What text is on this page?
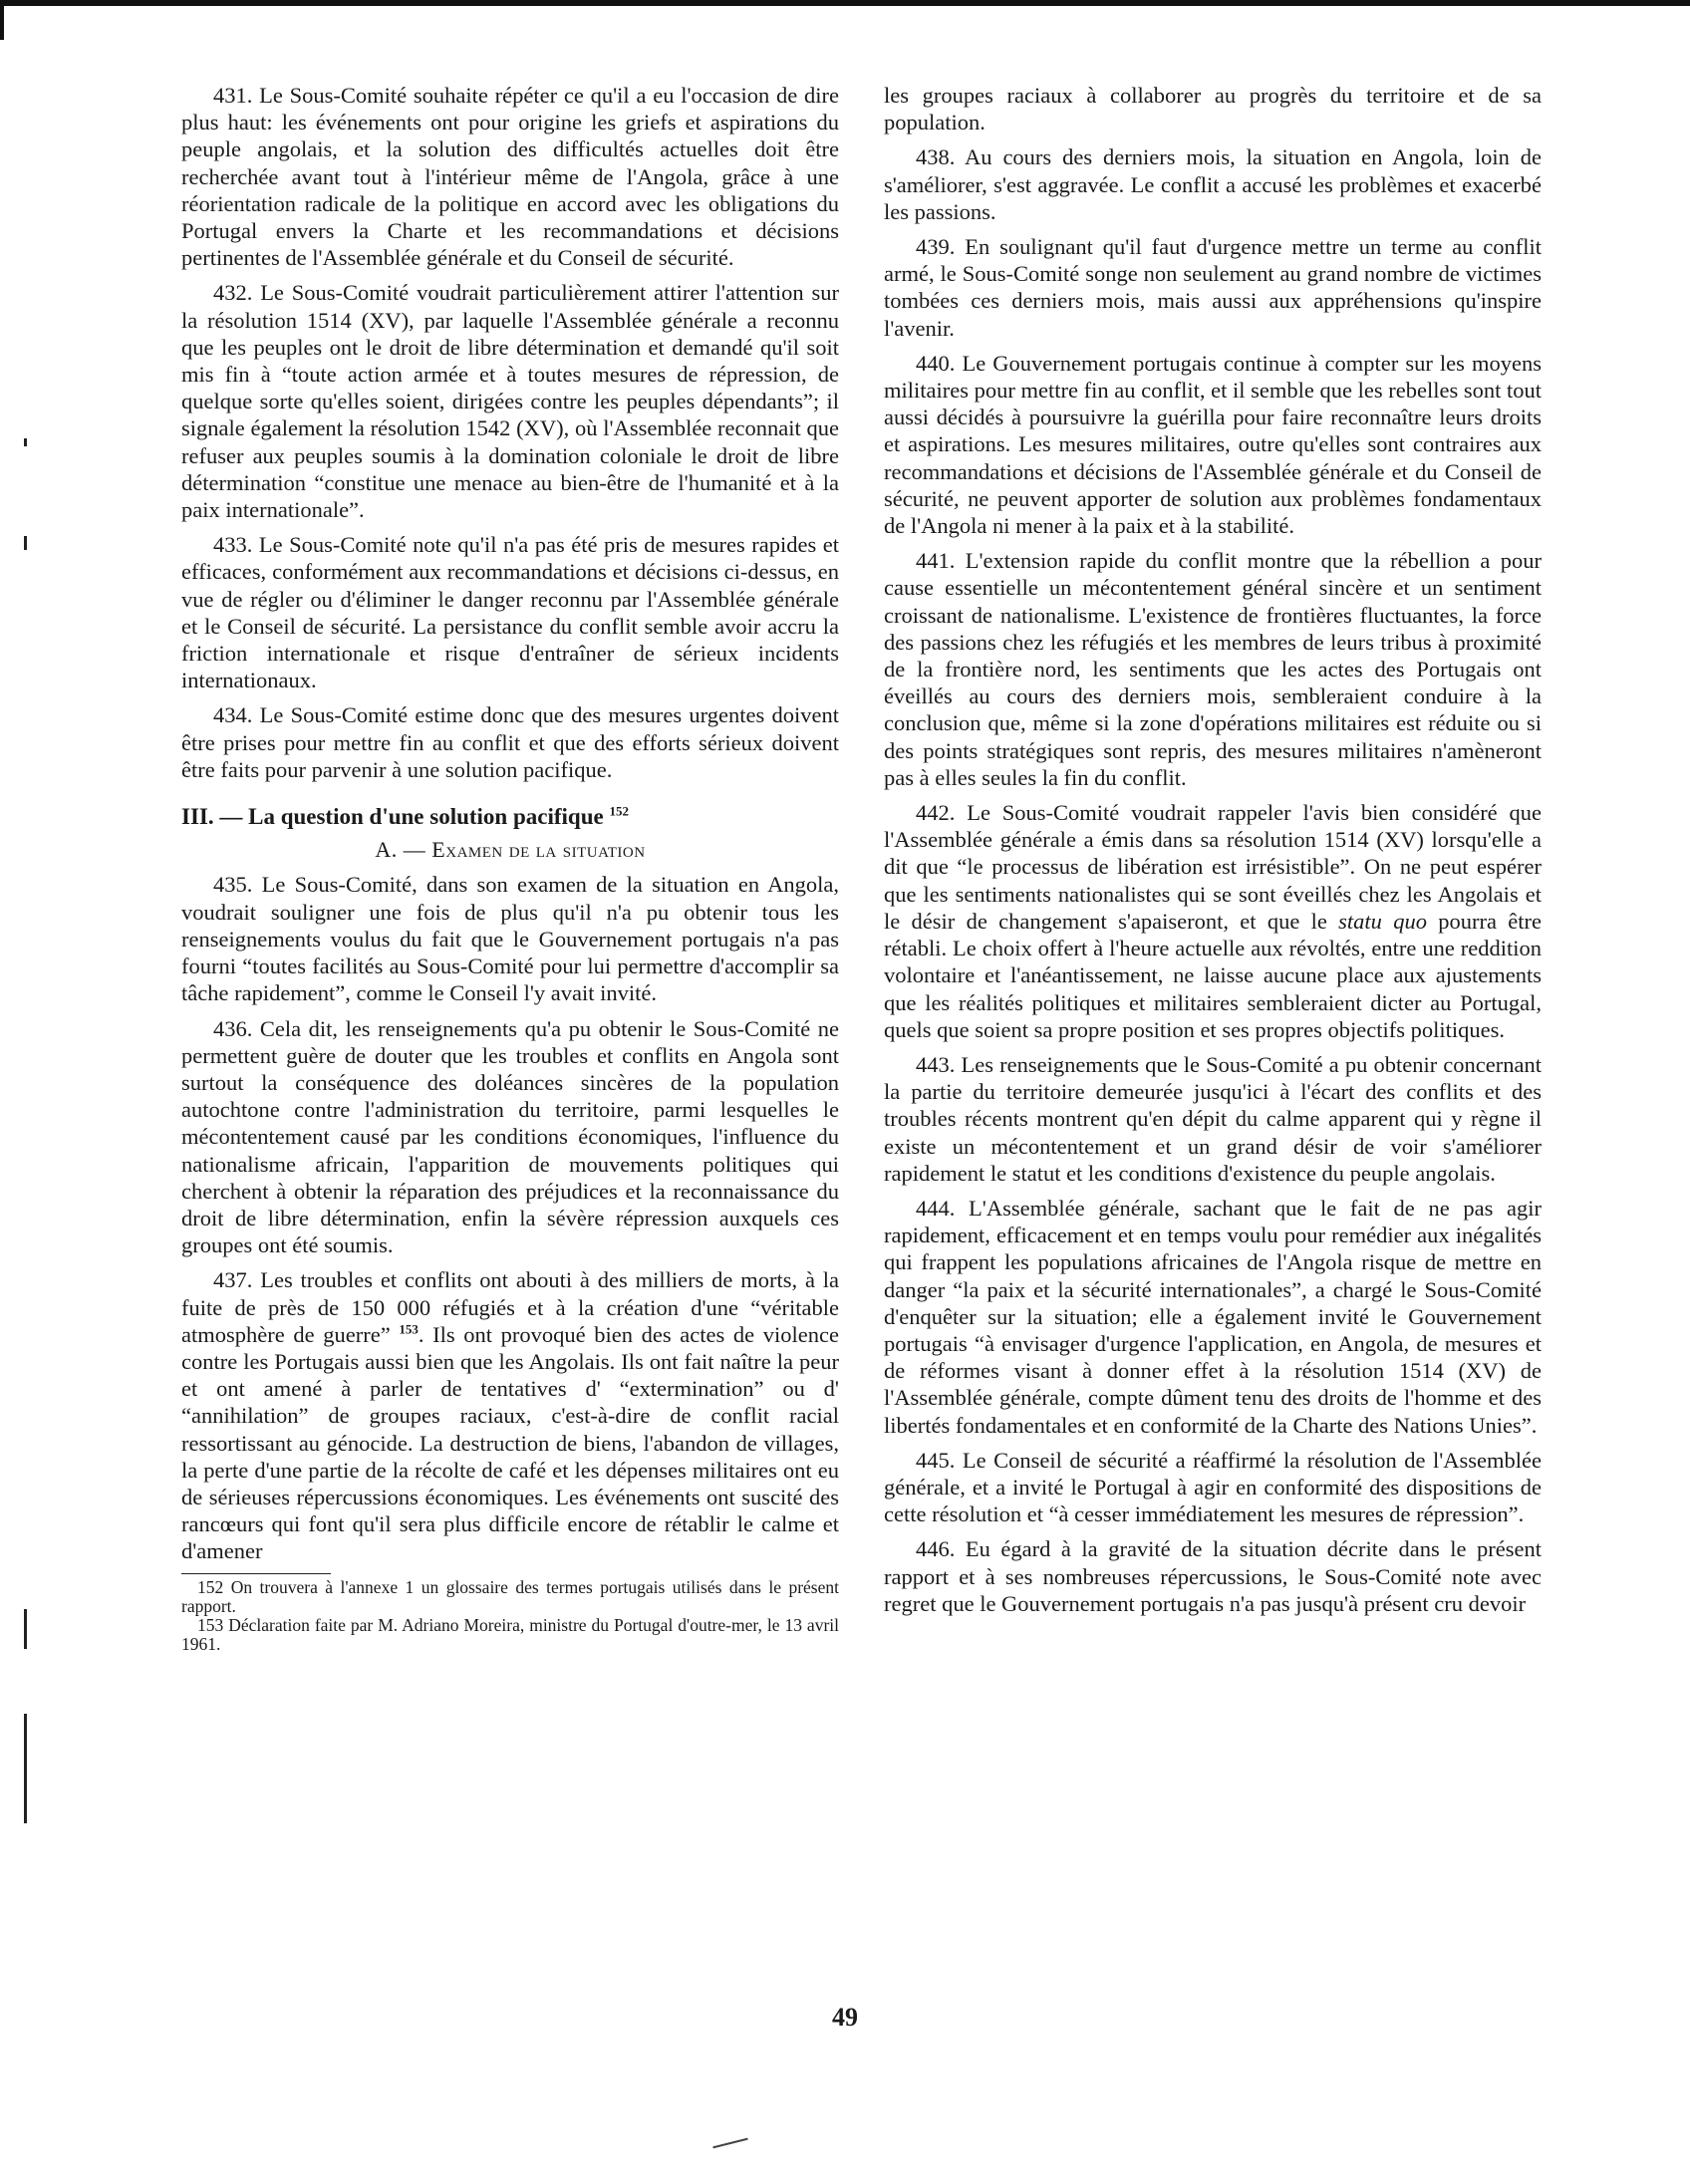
431. Le Sous-Comité souhaite répéter ce qu'il a eu l'occasion de dire plus haut: les événements ont pour origine les griefs et aspirations du peuple angolais, et la solution des difficultés actuelles doit être recherchée avant tout à l'intérieur même de l'Angola, grâce à une réorientation radicale de la politique en accord avec les obligations du Portugal envers la Charte et les recommandations et décisions pertinentes de l'Assemblée générale et du Conseil de sécurité.

432. Le Sous-Comité voudrait particulièrement attirer l'attention sur la résolution 1514 (XV), par laquelle l'Assemblée générale a reconnu que les peuples ont le droit de libre détermination et demandé qu'il soit mis fin à “toute action armée et à toutes mesures de répression, de quelque sorte qu'elles soient, dirigées contre les peuples dépendants”; il signale également la résolution 1542 (XV), où l'Assemblée reconnait que refuser aux peuples soumis à la domination coloniale le droit de libre détermination “constitue une menace au bien-être de l'humanité et à la paix internationale”.

433. Le Sous-Comité note qu'il n'a pas été pris de mesures rapides et efficaces, conformément aux recommandations et décisions ci-dessus, en vue de régler ou d'éliminer le danger reconnu par l'Assemblée générale et le Conseil de sécurité. La persistance du conflit semble avoir accru la friction internationale et risque d'entraîner de sérieux incidents internationaux.

434. Le Sous-Comité estime donc que des mesures urgentes doivent être prises pour mettre fin au conflit et que des efforts sérieux doivent être faits pour parvenir à une solution pacifique.

III. — La question d'une solution pacifique $^{152}$
A. — Examen de la situation

435. Le Sous-Comité, dans son examen de la situation en Angola, voudrait souligner une fois de plus qu'il n'a pu obtenir tous les renseignements voulus du fait que le Gouvernement portugais n'a pas fourni “toutes facilités au Sous-Comité pour lui permettre d'accomplir sa tâche rapidement”, comme le Conseil l'y avait invité.

436. Cela dit, les renseignements qu'a pu obtenir le Sous-Comité ne permettent guère de douter que les troubles et conflits en Angola sont surtout la conséquence des doléances sincères de la population autochtone contre l'administration du territoire, parmi lesquelles le mécontentement causé par les conditions économiques, l'influence du nationalisme africain, l'apparition de mouvements politiques qui cherchent à obtenir la réparation des préjudices et la reconnaissance du droit de libre détermination, enfin la sévère répression auxquels ces groupes ont été soumis.

437. Les troubles et conflits ont abouti à des milliers de morts, à la fuite de près de 150 000 réfugiés et à la création d'une “véritable atmosphère de guerre” $^{153}$. Ils ont provoqué bien des actes de violence contre les Portugais aussi bien que les Angolais. Ils ont fait naître la peur et ont amené à parler de tentatives d' “extermination” ou d' “annihilation” de groupes raciaux, c'est-à-dire de conflit racial ressortissant au génocide. La destruction de biens, l'abandon de villages, la perte d'une partie de la récolte de café et les dépenses militaires ont eu de sérieuses répercussions économiques. Les événements ont suscité des rancœurs qui font qu'il sera plus difficile encore de rétablir le calme et d'amener

152 On trouvera à l'annexe 1 un glossaire des termes portugais utilisés dans le présent rapport.

153 Déclaration faite par M. Adriano Moreira, ministre du Portugal d'outre-mer, le 13 avril 1961.

les groupes raciaux à collaborer au progrès du territoire et de sa population.

438. Au cours des derniers mois, la situation en Angola, loin de s'améliorer, s'est aggravée. Le conflit a accusé les problèmes et exacerbé les passions.

439. En soulignant qu'il faut d'urgence mettre un terme au conflit armé, le Sous-Comité songe non seulement au grand nombre de victimes tombées ces derniers mois, mais aussi aux appréhensions qu'inspire l'avenir.

440. Le Gouvernement portugais continue à compter sur les moyens militaires pour mettre fin au conflit, et il semble que les rebelles sont tout aussi décidés à poursuivre la guérilla pour faire reconnaître leurs droits et aspirations. Les mesures militaires, outre qu'elles sont contraires aux recommandations et décisions de l'Assemblée générale et du Conseil de sécurité, ne peuvent apporter de solution aux problèmes fondamentaux de l'Angola ni mener à la paix et à la stabilité.

441. L'extension rapide du conflit montre que la rébellion a pour cause essentielle un mécontentement général sincère et un sentiment croissant de nationalisme. L'existence de frontières fluctuantes, la force des passions chez les réfugiés et les membres de leurs tribus à proximité de la frontière nord, les sentiments que les actes des Portugais ont éveillés au cours des derniers mois, sembleraient conduire à la conclusion que, même si la zone d'opérations militaires est réduite ou si des points stratégiques sont repris, des mesures militaires n'amèneront pas à elles seules la fin du conflit.

442. Le Sous-Comité voudrait rappeler l'avis bien considéré que l'Assemblée générale a émis dans sa résolution 1514 (XV) lorsqu'elle a dit que “le processus de libération est irrésistible”. On ne peut espérer que les sentiments nationalistes qui se sont éveillés chez les Angolais et le désir de changement s'apaiseront, et que le statu quo pourra être rétabli. Le choix offert à l'heure actuelle aux révoltés, entre une reddition volontaire et l'anéantissement, ne laisse aucune place aux ajustements que les réalités politiques et militaires sembleraient dicter au Portugal, quels que soient sa propre position et ses propres objectifs politiques.

443. Les renseignements que le Sous-Comité a pu obtenir concernant la partie du territoire demeurée jusqu'ici à l'écart des conflits et des troubles récents montrent qu'en dépit du calme apparent qui y règne il existe un mécontentement et un grand désir de voir s'améliorer rapidement le statut et les conditions d'existence du peuple angolais.

444. L'Assemblée générale, sachant que le fait de ne pas agir rapidement, efficacement et en temps voulu pour remédier aux inégalités qui frappent les populations africaines de l'Angola risque de mettre en danger “la paix et la sécurité internationales”, a chargé le Sous-Comité d'enquêter sur la situation; elle a également invité le Gouvernement portugais “à envisager d'urgence l'application, en Angola, de mesures et de réformes visant à donner effet à la résolution 1514 (XV) de l'Assemblée générale, compte dûment tenu des droits de l'homme et des libertés fondamentales et en conformité de la Charte des Nations Unies”.

445. Le Conseil de sécurité a réaffirmé la résolution de l'Assemblée générale, et a invité le Portugal à agir en conformité des dispositions de cette résolution et “à cesser immédiatement les mesures de répression”.

446. Eu égard à la gravité de la situation décrite dans le présent rapport et à ses nombreuses répercussions, le Sous-Comité note avec regret que le Gouvernement portugais n'a pas jusqu'à présent cru devoir

49
